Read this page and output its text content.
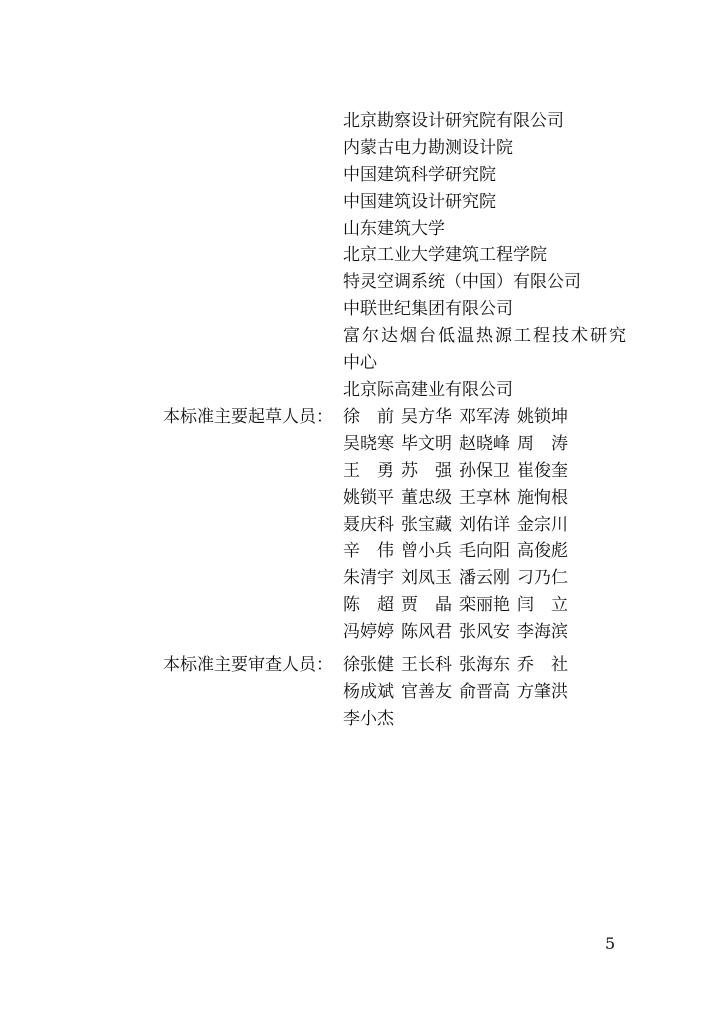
北京勘察设计研究院有限公司
内蒙古电力勘测设计院
中国建筑科学研究院
中国建筑设计研究院
山东建筑大学
北京工业大学建筑工程学院
特灵空调系统（中国）有限公司
中联世纪集团有限公司
富尔达烟台低温热源工程技术研究
中心
北京际高建业有限公司
本标准主要起草人员： 徐　前 吴方华 邓军涛 姚锁坤
吴晓寒 毕文明 赵晓峰 周　涛
王　勇 苏　强 孙保卫 崔俊奎
姚锁平 董忠级 王享林 施恂根
聂庆科 张宝藏 刘佑详 金宗川
辛　伟 曾小兵 毛向阳 高俊彪
朱清宇 刘凤玉 潘云刚 刁乃仁
陈　超 贾　晶 栾丽艳 闫　立
冯婷婷 陈风君 张风安 李海滨
本标准主要审查人员： 徐张健 王长科 张海东 乔　社
杨成斌 官善友 俞晋高 方肇洪
李小杰
5
